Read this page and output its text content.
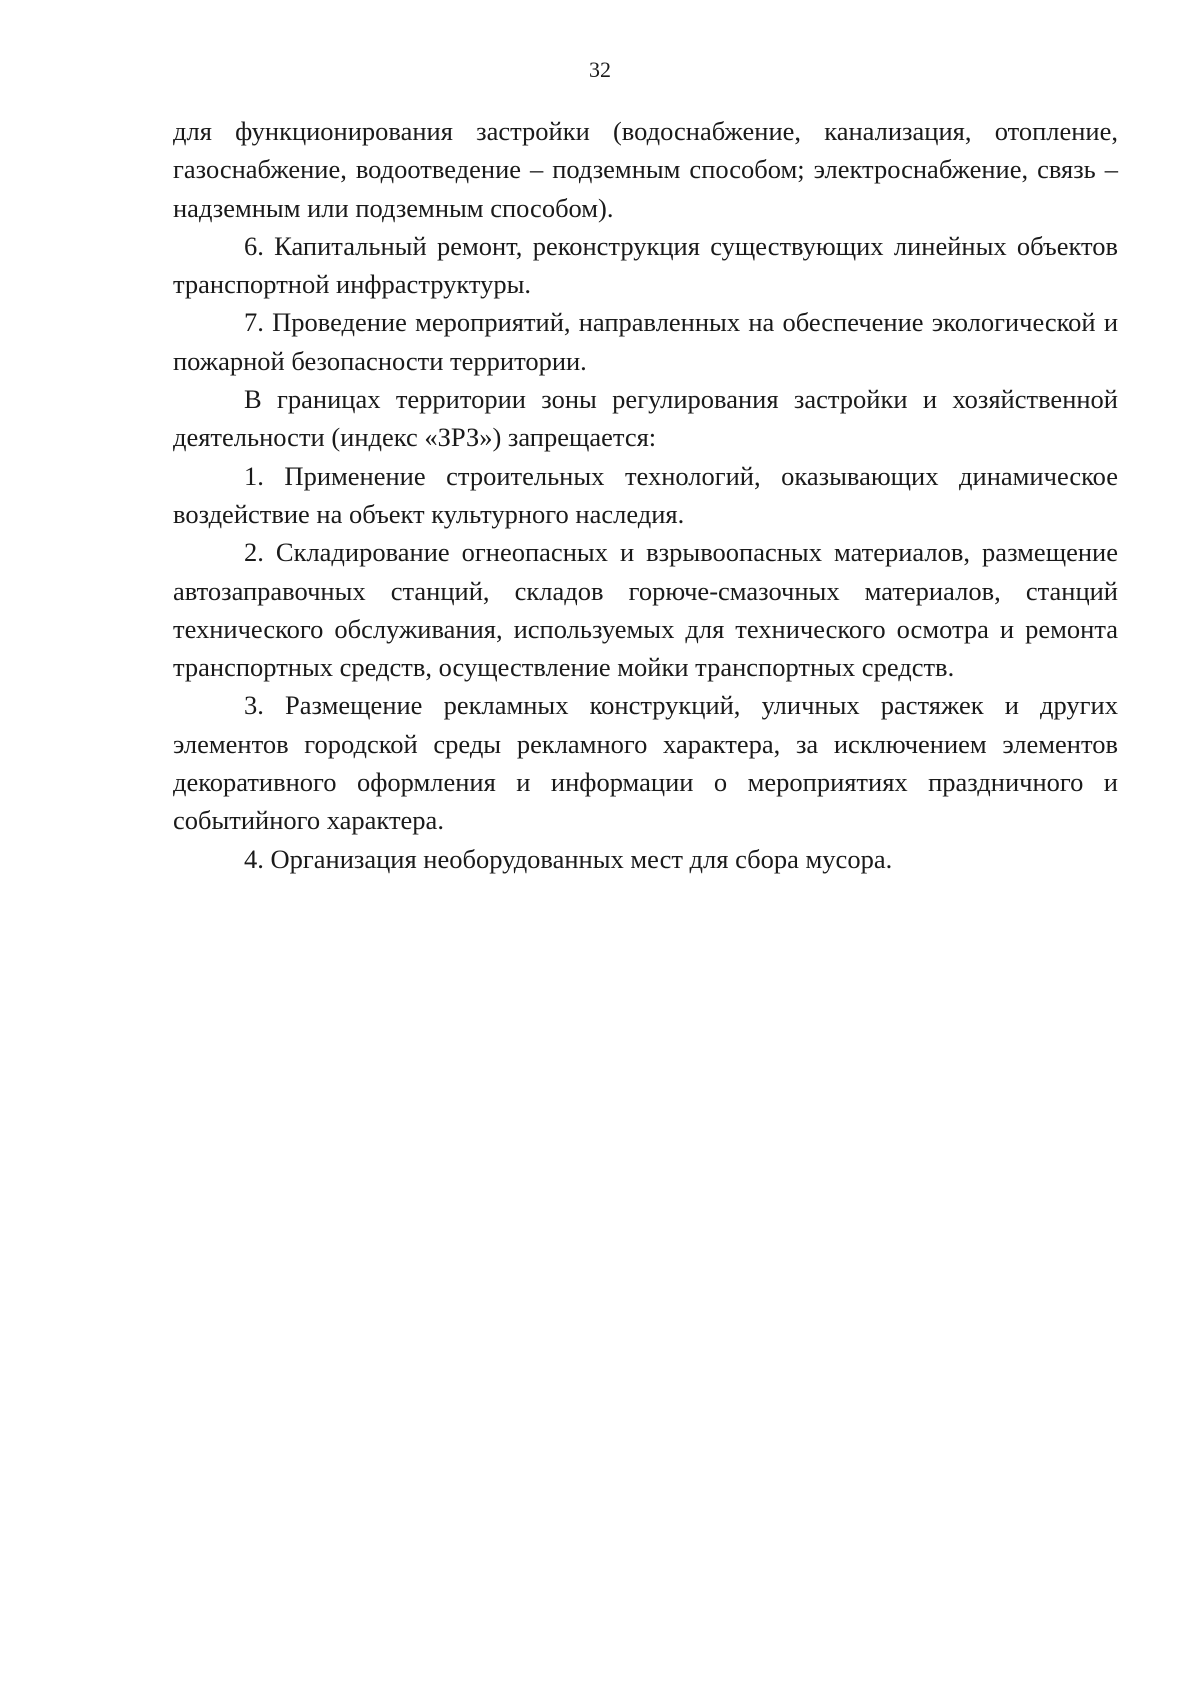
32

для функционирования застройки (водоснабжение, канализация, отопление, газоснабжение, водоотведение – подземным способом; электроснабжение, связь – надземным или подземным способом).

6. Капитальный ремонт, реконструкция существующих линейных объектов транспортной инфраструктуры.

7. Проведение мероприятий, направленных на обеспечение экологической и пожарной безопасности территории.

В границах территории зоны регулирования застройки и хозяйственной деятельности (индекс «ЗРЗ») запрещается:

1. Применение строительных технологий, оказывающих динамическое воздействие на объект культурного наследия.

2. Складирование огнеопасных и взрывоопасных материалов, размещение автозаправочных станций, складов горюче-смазочных материалов, станций технического обслуживания, используемых для технического осмотра и ремонта транспортных средств, осуществление мойки транспортных средств.

3. Размещение рекламных конструкций, уличных растяжек и других элементов городской среды рекламного характера, за исключением элементов декоративного оформления и информации о мероприятиях праздничного и событийного характера.

4. Организация необорудованных мест для сбора мусора.
